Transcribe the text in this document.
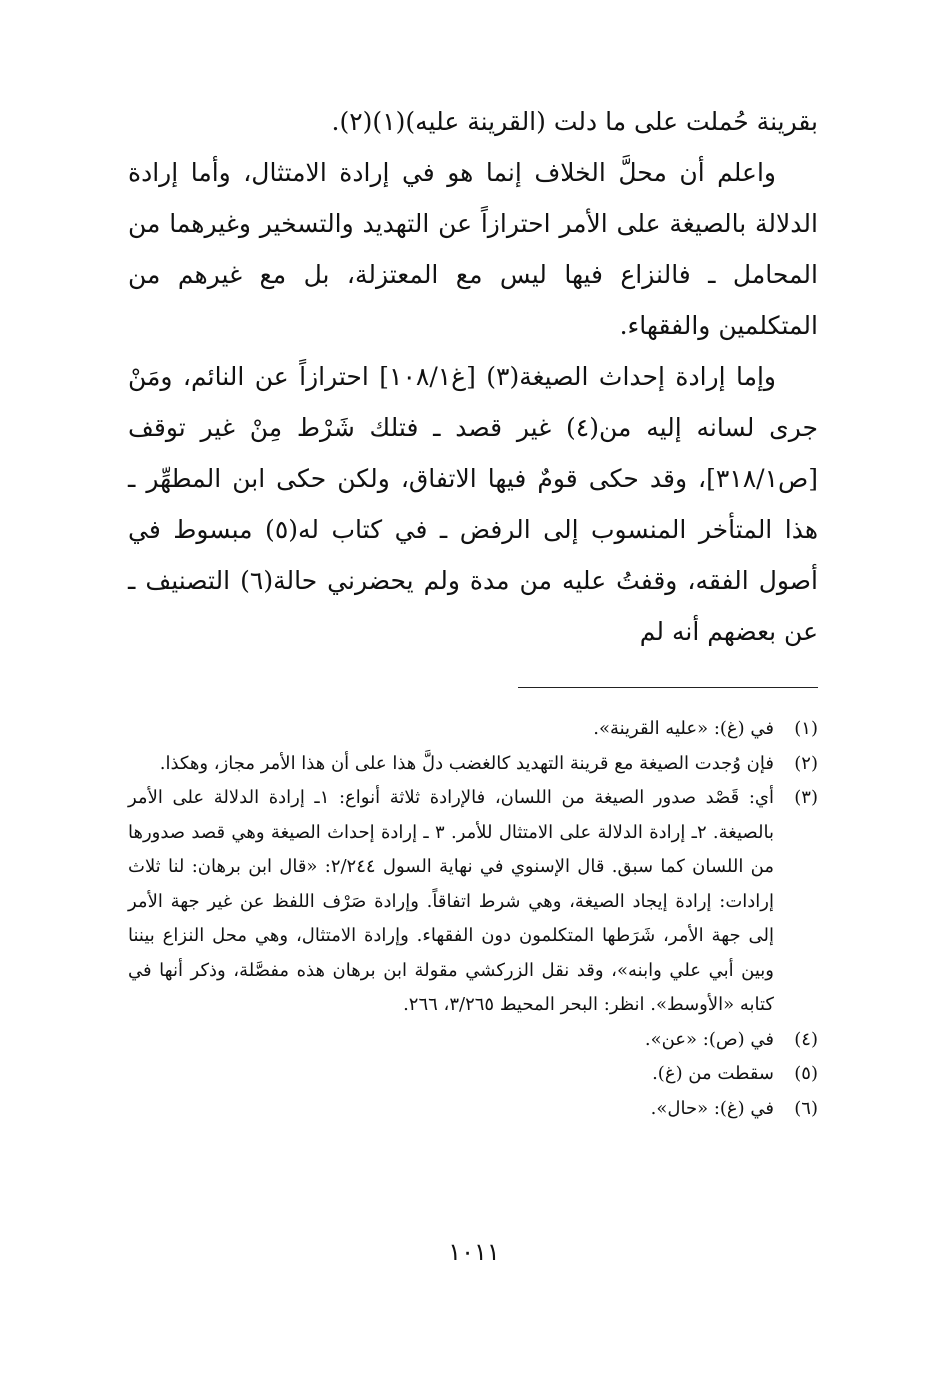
بقرينة حُملت على ما دلت (القرينة عليه)(١)(٢).

واعلم أن محلَّ الخلاف إنما هو في إرادة الامتثال، وأما إرادة الدلالة بالصيغة على الأمر احترازاً عن التهديد والتسخير وغيرهما من المحامل ـ فالنزاع فيها ليس مع المعتزلة، بل مع غيرهم من المتكلمين والفقهاء.

وإما إرادة إحداث الصيغة(٣) [غ١٠٨/١] احترازاً عن النائم، ومَنْ جرى لسانه إليه من(٤) غير قصد ـ فتلك شَرْط مِنْ غير توقف [ص٣١٨/١]، وقد حكى قومٌ فيها الاتفاق، ولكن حكى ابن المطهِّر ـ هذا المتأخر المنسوب إلى الرفض ـ في كتاب له(٥) مبسوط في أصول الفقه، وقفتُ عليه من مدة ولم يحضرني حالة(٦) التصنيف ـ عن بعضهم أنه لم

(١)
في (غ): «عليه القرينة».
(٢)
فإن وُجدت الصيغة مع قرينة التهديد كالغضب دلَّ هذا على أن هذا الأمر مجاز، وهكذا.
(٣)
أي: قَصْد صدور الصيغة من اللسان، فالإرادة ثلاثة أنواع: ١ـ إرادة الدلالة على الأمر بالصيغة. ٢ـ إرادة الدلالة على الامتثال للأمر. ٣ ـ إرادة إحداث الصيغة وهي قصد صدورها من اللسان كما سبق. قال الإسنوي في نهاية السول ٢/٢٤٤: «قال ابن برهان: لنا ثلاث إرادات: إرادة إيجاد الصيغة، وهي شرط اتفاقاً. وإرادة صَرْف اللفظ عن غير جهة الأمر إلى جهة الأمر، شَرَطها المتكلمون دون الفقهاء. وإرادة الامتثال، وهي محل النزاع بيننا وبين أبي علي وابنه»، وقد نقل الزركشي مقولة ابن برهان هذه مفصَّلة، وذكر أنها في كتابه «الأوسط». انظر: البحر المحيط ٣/٢٦٥، ٢٦٦.
(٤)
في (ص): «عن».
(٥)
سقطت من (غ).
(٦)
في (غ): «حال».
١٠١١
